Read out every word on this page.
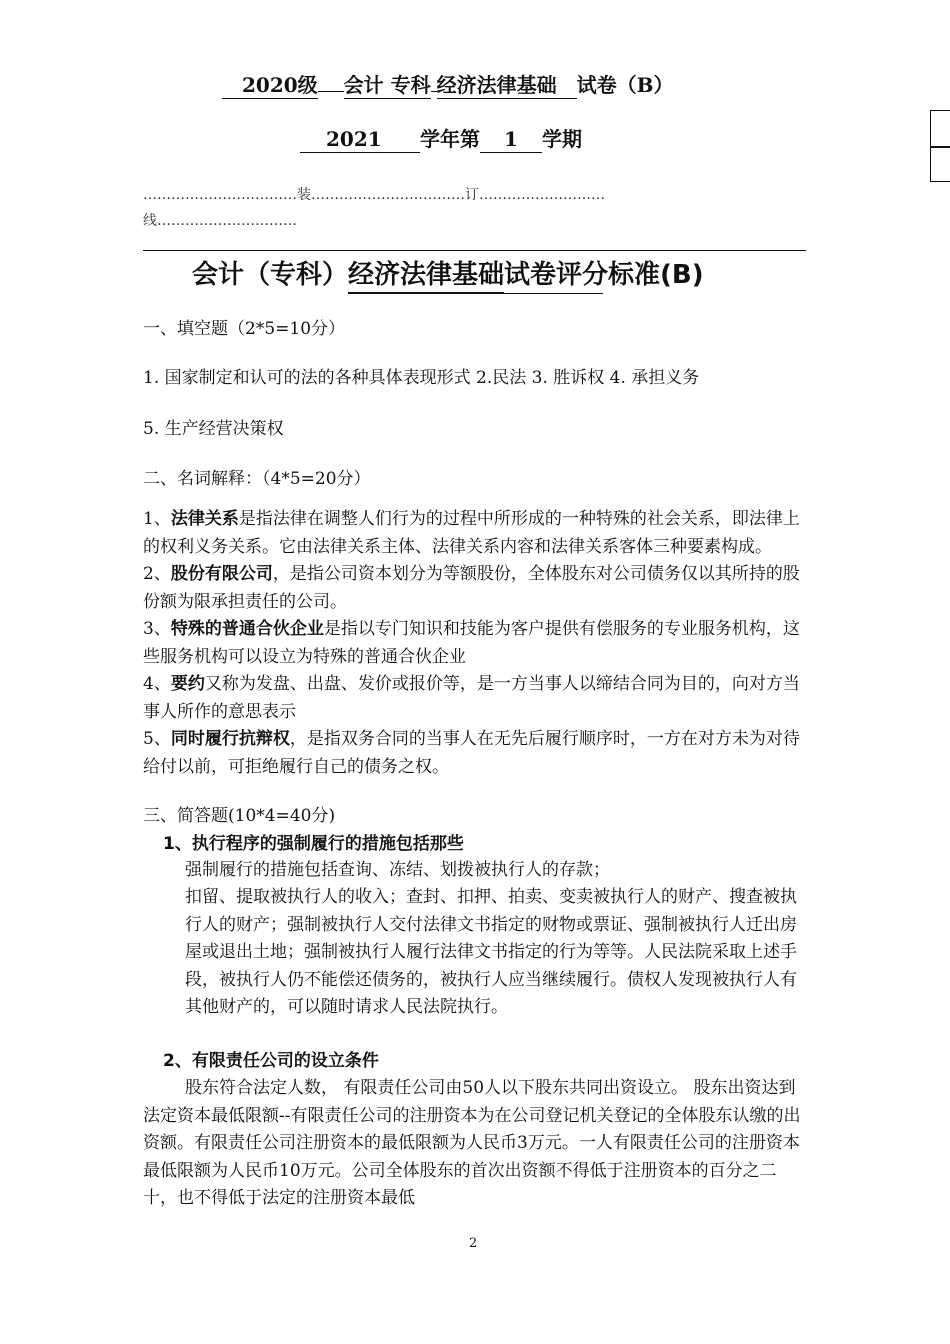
2020级 会计 专科 经济法律基础 试卷（B）
2021 学年第 1 学期
……………………………装……………………………订………………………
线…………………………
会计（专科）经济法律基础试卷评分标准(B)
一、填空题（2*5=10分）
1. 国家制定和认可的法的各种具体表现形式 2.民法 3. 胜诉权 4. 承担义务
5. 生产经营决策权
二、名词解释：（4*5=20分）
1、法律关系是指法律在调整人们行为的过程中所形成的一种特殊的社会关系，即法律上的权利义务关系。它由法律关系主体、法律关系内容和法律关系客体三种要素构成。
2、股份有限公司，是指公司资本划分为等额股份，全体股东对公司债务仅以其所持的股份额为限承担责任的公司。
3、特殊的普通合伙企业是指以专门知识和技能为客户提供有偿服务的专业服务机构，这些服务机构可以设立为特殊的普通合伙企业
4、要约又称为发盘、出盘、发价或报价等，是一方当事人以缔结合同为目的，向对方当事人所作的意思表示
5、同时履行抗辩权，是指双务合同的当事人在无先后履行顺序时，一方在对方未为对待给付以前，可拒绝履行自己的债务之权。
三、简答题(10*4=40分)
1、执行程序的强制履行的措施包括那些
强制履行的措施包括查询、冻结、划拨被执行人的存款；
扣留、提取被执行人的收入；查封、扣押、拍卖、变卖被执行人的财产、搜查被执行人的财产；强制被执行人交付法律文书指定的财物或票证、强制被执行人迁出房屋或退出土地；强制被执行人履行法律文书指定的行为等等。人民法院采取上述手段，被执行人仍不能偿还债务的，被执行人应当继续履行。债权人发现被执行人有其他财产的，可以随时请求人民法院执行。
2、有限责任公司的设立条件
股东符合法定人数， 有限责任公司由50人以下股东共同出资设立。 股东出资达到法定资本最低限额--有限责任公司的注册资本为在公司登记机关登记的全体股东认缴的出资额。有限责任公司注册资本的最低限额为人民币3万元。一人有限责任公司的注册资本最低限额为人民币10万元。公司全体股东的首次出资额不得低于注册资本的百分之二十，也不得低于法定的注册资本最低
2
